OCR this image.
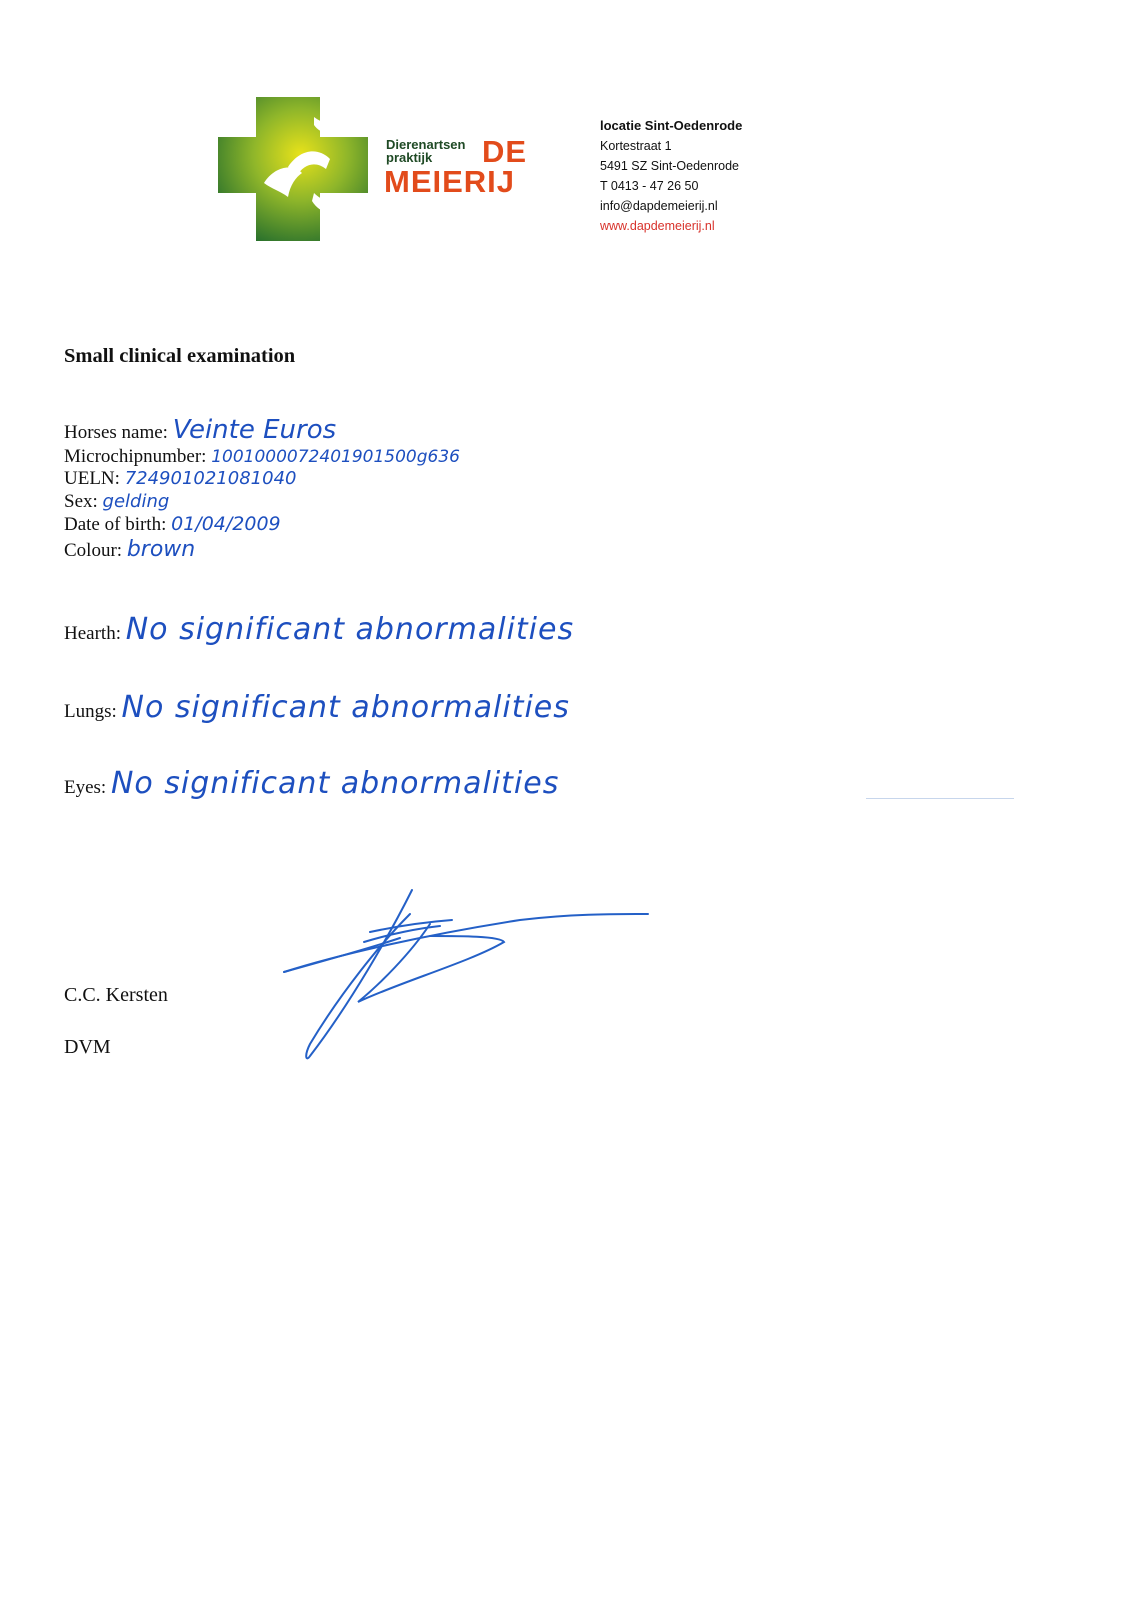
Dierenartsen
praktijk	DE
MEIERIJ
locatie Sint-Oedenrode
Kortestraat 1
5491 SZ Sint-Oedenrode
T 0413 - 47 26 50
info@dapdemeierij.nl
www.dapdemeierij.nl
Small clinical examination
Horses name: Veinte Euros
Microchipnumber: 1001000072401901500g636
UELN: 724901021081040
Sex: gelding
Date of birth: 01/04/2009
Colour: brown
Hearth: No significant abnormalities
Lungs: No significant abnormalities
Eyes: No significant abnormalities
C.C. Kersten
DVM
